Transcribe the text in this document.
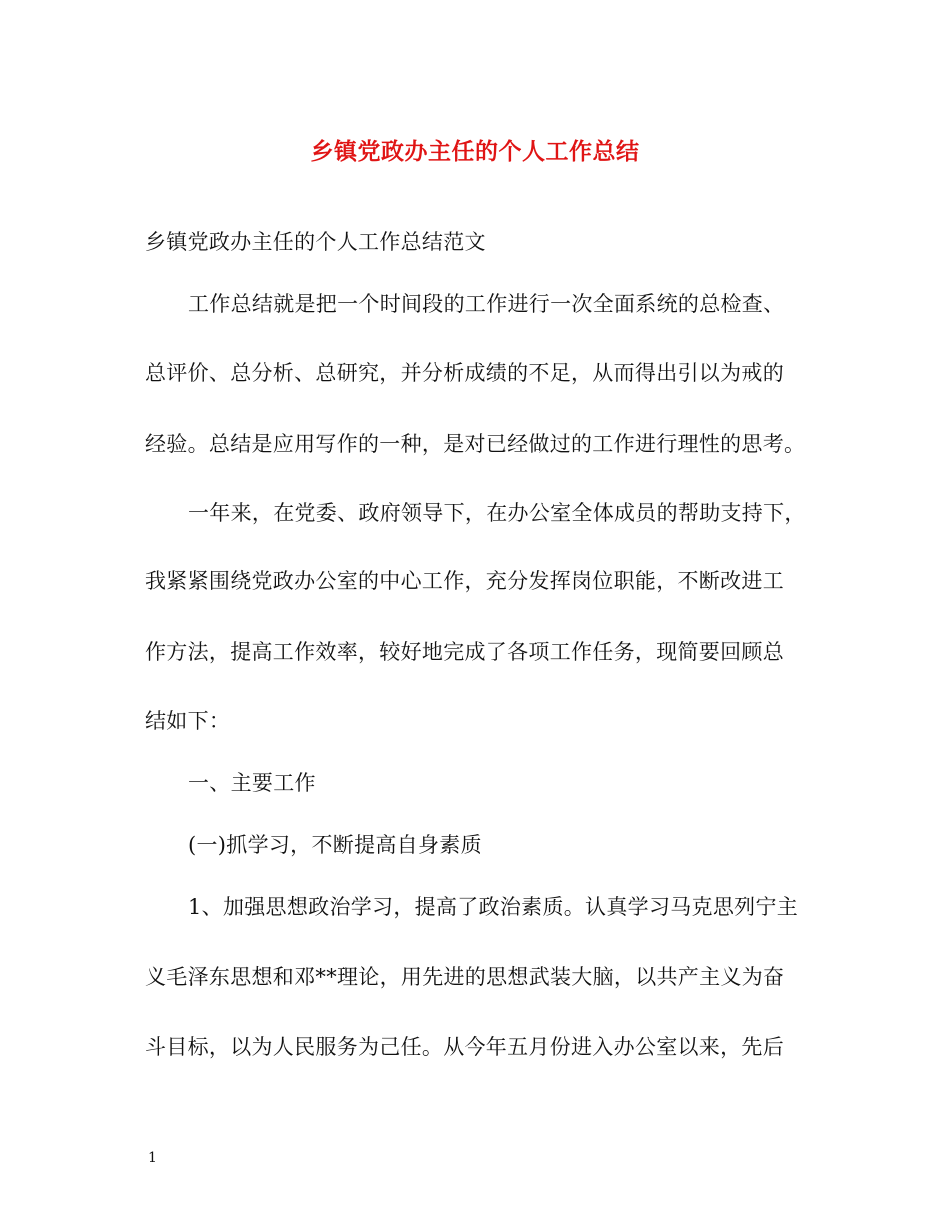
乡镇党政办主任的个人工作总结

乡镇党政办主任的个人工作总结范文

工作总结就是把一个时间段的工作进行一次全面系统的总检查、

总评价、总分析、总研究，并分析成绩的不足，从而得出引以为戒的

经验。总结是应用写作的一种，是对已经做过的工作进行理性的思考。

一年来，在党委、政府领导下，在办公室全体成员的帮助支持下，

我紧紧围绕党政办公室的中心工作，充分发挥岗位职能，不断改进工

作方法，提高工作效率，较好地完成了各项工作任务，现简要回顾总

结如下：

一、主要工作

(一)抓学习，不断提高自身素质

1、加强思想政治学习，提高了政治素质。认真学习马克思列宁主

义毛泽东思想和邓**理论，用先进的思想武装大脑，以共产主义为奋

斗目标，以为人民服务为己任。从今年五月份进入办公室以来，先后

1
